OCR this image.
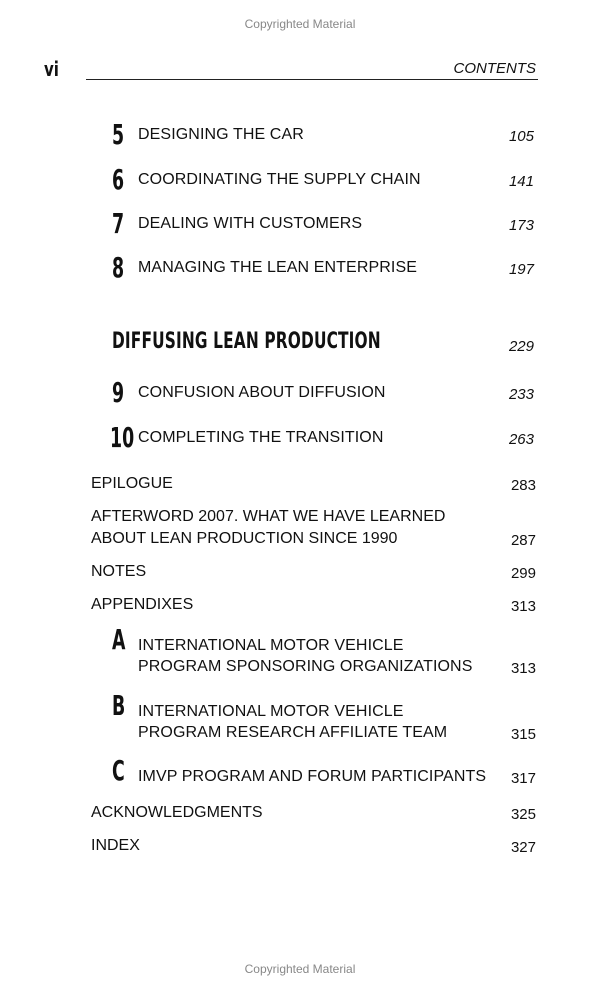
Copyrighted Material
vi	CONTENTS
5 DESIGNING THE CAR	105
6 COORDINATING THE SUPPLY CHAIN	141
7 DEALING WITH CUSTOMERS	173
8 MANAGING THE LEAN ENTERPRISE	197
DIFFUSING LEAN PRODUCTION	229
9 CONFUSION ABOUT DIFFUSION	233
10 COMPLETING THE TRANSITION	263
EPILOGUE	283
AFTERWORD 2007. WHAT WE HAVE LEARNED
ABOUT LEAN PRODUCTION SINCE 1990	287
NOTES	299
APPENDIXES	313
A INTERNATIONAL MOTOR VEHICLE
PROGRAM SPONSORING ORGANIZATIONS	313
B INTERNATIONAL MOTOR VEHICLE
PROGRAM RESEARCH AFFILIATE TEAM	315
C IMVP PROGRAM AND FORUM PARTICIPANTS	317
ACKNOWLEDGMENTS	325
INDEX	327
Copyrighted Material
